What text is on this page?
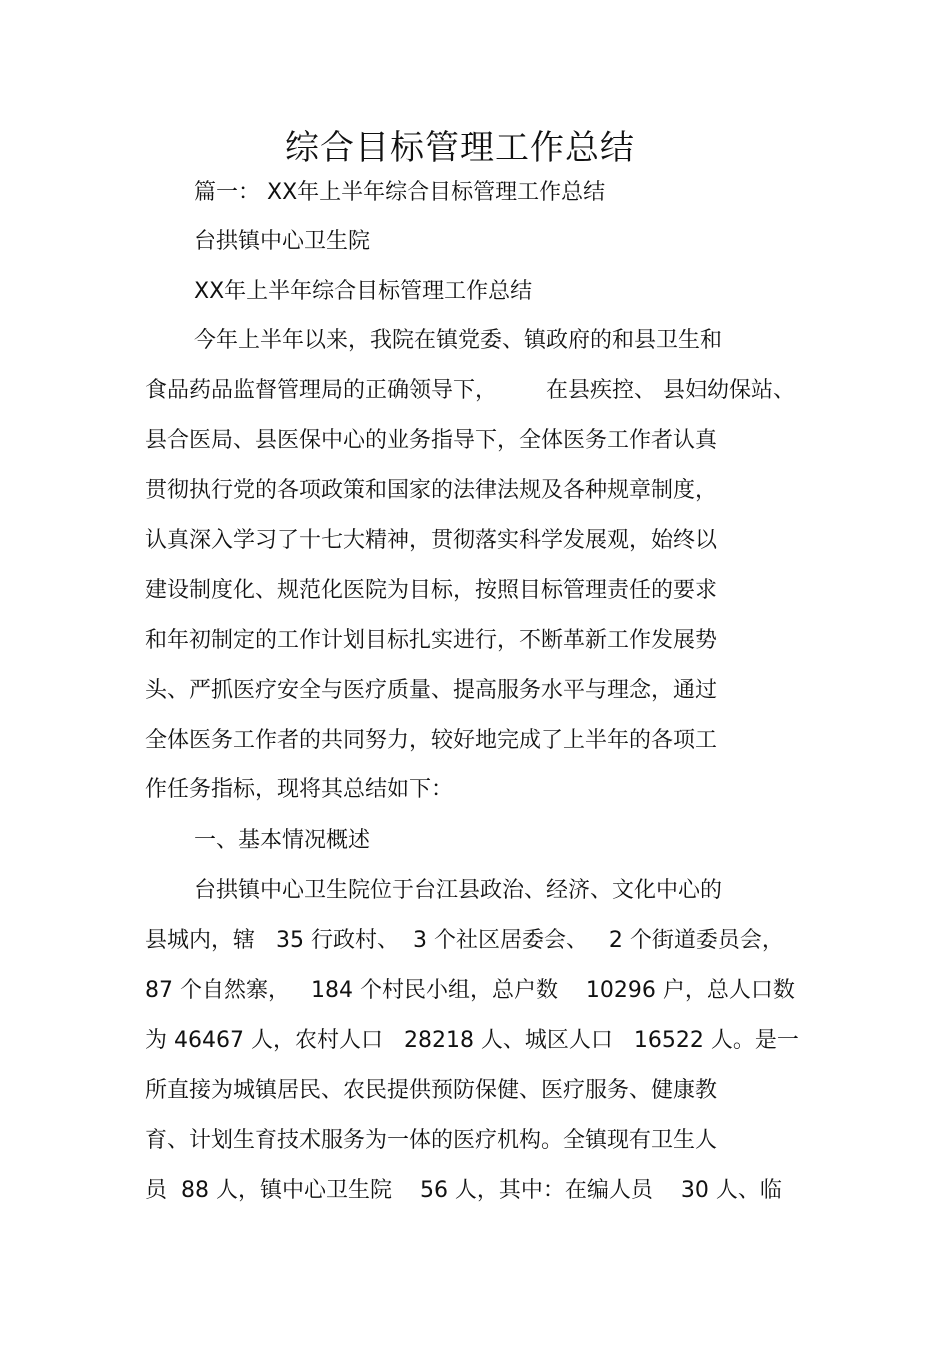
综合目标管理工作总结
篇一： XX年上半年综合目标管理工作总结
台拱镇中心卫生院
XX年上半年综合目标管理工作总结
今年上半年以来，我院在镇党委、镇政府的和县卫生和
食品药品监督管理局的正确领导下，       在县疾控、 县妇幼保站、
县合医局、县医保中心的业务指导下，全体医务工作者认真
贯彻执行党的各项政策和国家的法律法规及各种规章制度，
认真深入学习了十七大精神，贯彻落实科学发展观，始终以
建设制度化、规范化医院为目标，按照目标管理责任的要求
和年初制定的工作计划目标扎实进行，不断革新工作发展势
头、严抓医疗安全与医疗质量、提高服务水平与理念，通过
全体医务工作者的共同努力，较好地完成了上半年的各项工
作任务指标，现将其总结如下：
一、基本情况概述
台拱镇中心卫生院位于台江县政治、经济、文化中心的
县城内，辖   35 行政村、  3 个社区居委会、   2 个街道委员会，
87 个自然寨，   184 个村民小组，总户数    10296 户，总人口数
为 46467 人，农村人口   28218 人、城区人口   16522 人。是一
所直接为城镇居民、农民提供预防保健、医疗服务、健康教
育、计划生育技术服务为一体的医疗机构。全镇现有卫生人
员  88 人，镇中心卫生院    56 人，其中：在编人员    30 人、临
